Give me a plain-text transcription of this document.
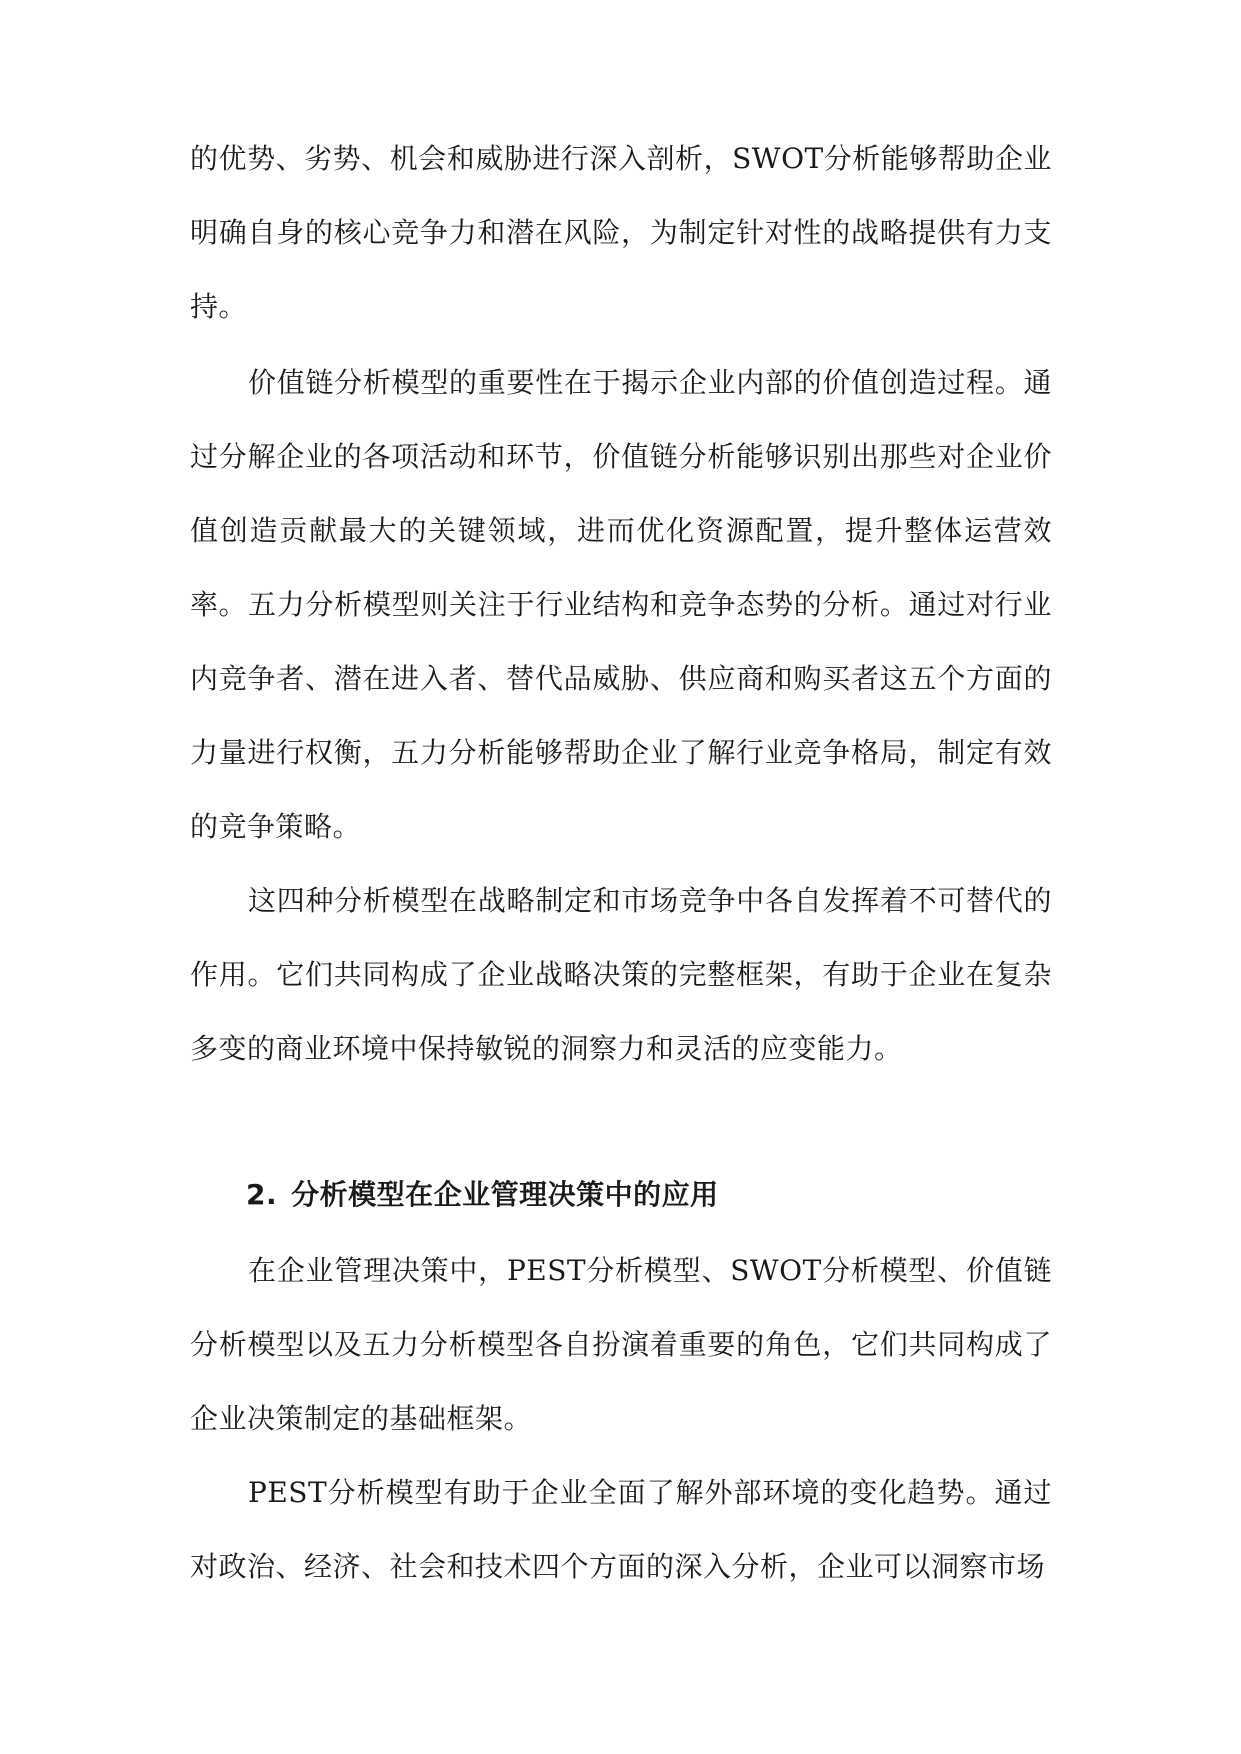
的优势、劣势、机会和威胁进行深入剖析，SWOT分析能够帮助企业明确自身的核心竞争力和潜在风险，为制定针对性的战略提供有力支持。

价值链分析模型的重要性在于揭示企业内部的价值创造过程。通过分解企业的各项活动和环节，价值链分析能够识别出那些对企业价值创造贡献最大的关键领域，进而优化资源配置，提升整体运营效率。 五力分析模型则关注于行业结构和竞争态势的分析。通过对行业内竞争者、潜在进入者、替代品威胁、供应商和购买者这五个方面的力量进行权衡，五力分析能够帮助企业了解行业竞争格局，制定有效的竞争策略。

这四种分析模型在战略制定和市场竞争中各自发挥着不可替代的作用。它们共同构成了企业战略决策的完整框架，有助于企业在复杂多变的商业环境中保持敏锐的洞察力和灵活的应变能力。

2. 分析模型在企业管理决策中的应用

在企业管理决策中，PEST分析模型、SWOT分析模型、价值链分析模型以及五力分析模型各自扮演着重要的角色，它们共同构成了企业决策制定的基础框架。

PEST分析模型有助于企业全面了解外部环境的变化趋势。通过对政治、经济、社会和技术四个方面的深入分析，企业可以洞察市场
